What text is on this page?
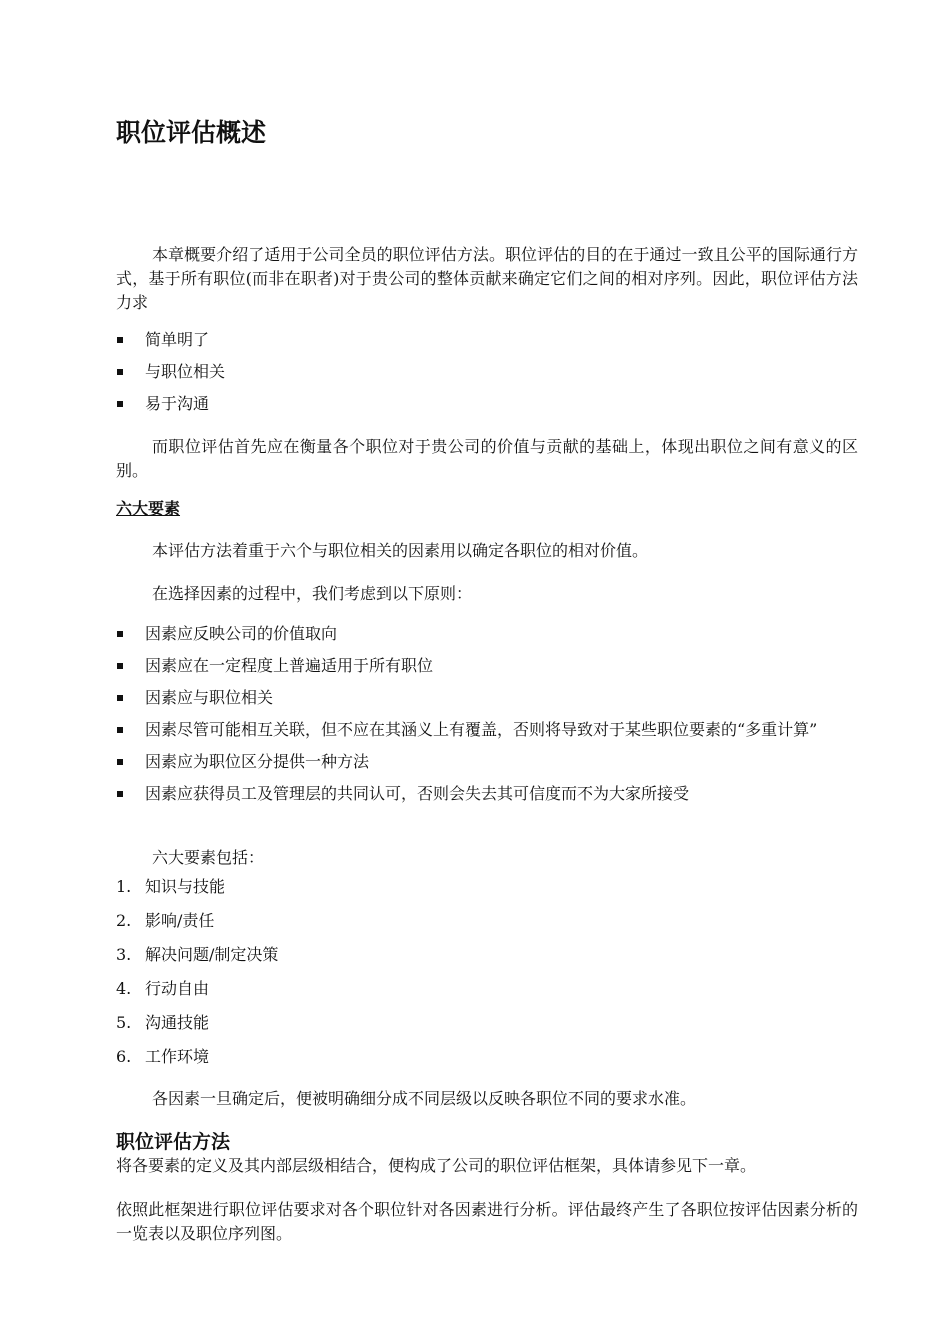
职位评估概述

本章概要介绍了适用于公司全员的职位评估方法。职位评估的目的在于通过一致且公平的国际通行方式，基于所有职位(而非在职者)对于贵公司的整体贡献来确定它们之间的相对序列。因此，职位评估方法力求

简单明了
与职位相关
易于沟通

而职位评估首先应在衡量各个职位对于贵公司的价值与贡献的基础上，体现出职位之间有意义的区别。

六大要素

本评估方法着重于六个与职位相关的因素用以确定各职位的相对价值。

在选择因素的过程中，我们考虑到以下原则：

因素应反映公司的价值取向
因素应在一定程度上普遍适用于所有职位
因素应与职位相关
因素尽管可能相互关联，但不应在其涵义上有覆盖，否则将导致对于某些职位要素的“多重计算”
因素应为职位区分提供一种方法
因素应获得员工及管理层的共同认可，否则会失去其可信度而不为大家所接受

六大要素包括：

1. 知识与技能
2. 影响/责任
3. 解决问题/制定决策
4. 行动自由
5. 沟通技能
6. 工作环境

各因素一旦确定后，便被明确细分成不同层级以反映各职位不同的要求水准。

职位评估方法

将各要素的定义及其内部层级相结合，便构成了公司的职位评估框架，具体请参见下一章。

依照此框架进行职位评估要求对各个职位针对各因素进行分析。评估最终产生了各职位按评估因素分析的一览表以及职位序列图。
